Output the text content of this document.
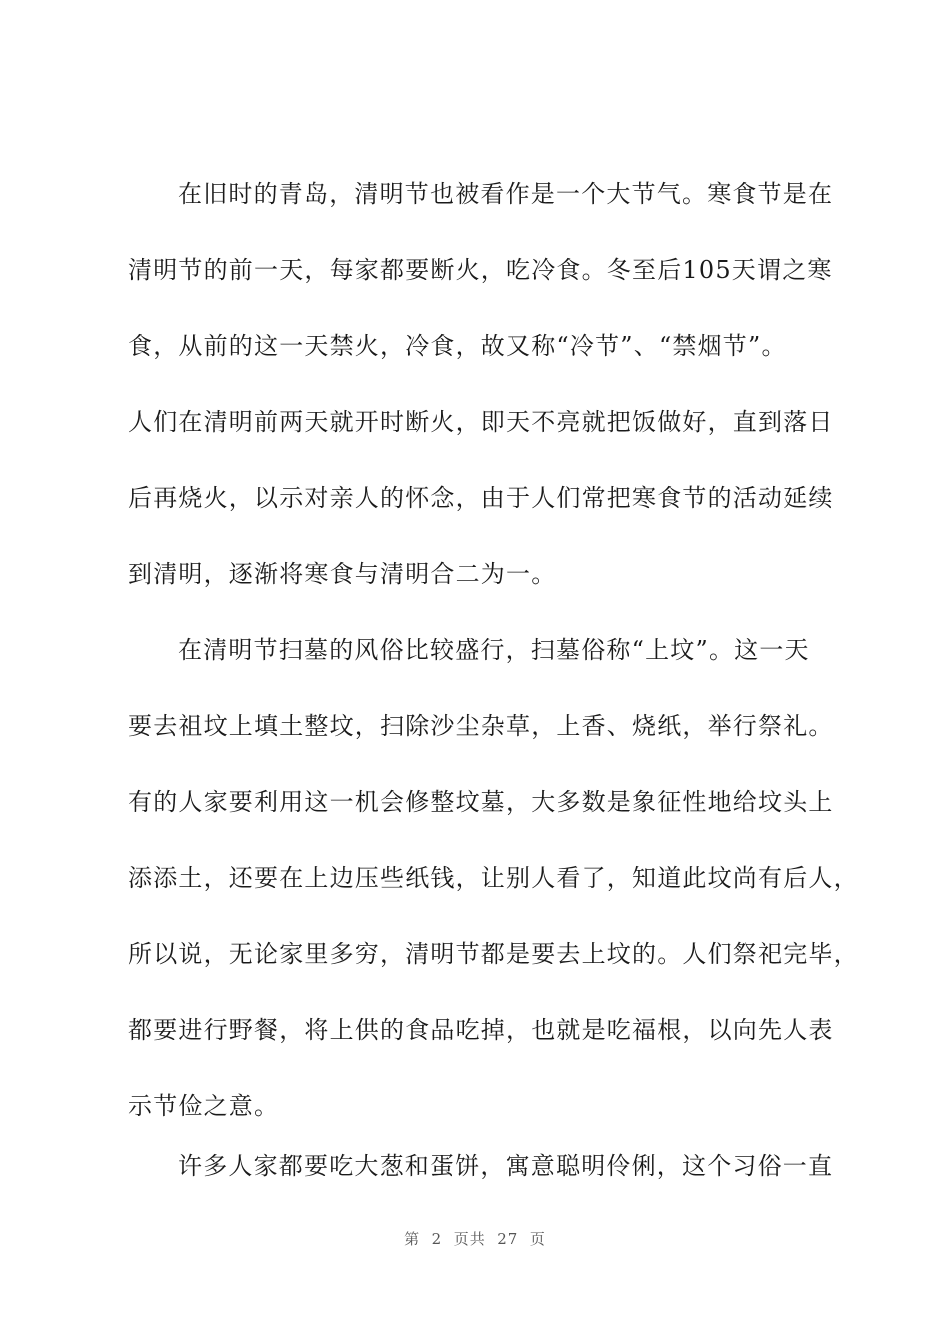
在旧时的青岛，清明节也被看作是一个大节气。寒食节是在
清明节的前一天，每家都要断火，吃冷食。冬至后105天谓之寒
食，从前的这一天禁火，冷食，故又称“冷节”、“禁烟节”。
人们在清明前两天就开时断火，即天不亮就把饭做好，直到落日
后再烧火，以示对亲人的怀念，由于人们常把寒食节的活动延续
到清明，逐渐将寒食与清明合二为一。
在清明节扫墓的风俗比较盛行，扫墓俗称“上坟”。这一天
要去祖坟上填土整坟，扫除沙尘杂草，上香、烧纸，举行祭礼。
有的人家要利用这一机会修整坟墓，大多数是象征性地给坟头上
添添土，还要在上边压些纸钱，让别人看了，知道此坟尚有后人，
所以说，无论家里多穷，清明节都是要去上坟的。人们祭祀完毕，
都要进行野餐，将上供的食品吃掉，也就是吃福根，以向先人表
示节俭之意。
许多人家都要吃大葱和蛋饼，寓意聪明伶俐，这个习俗一直
第  2  页共  27  页
